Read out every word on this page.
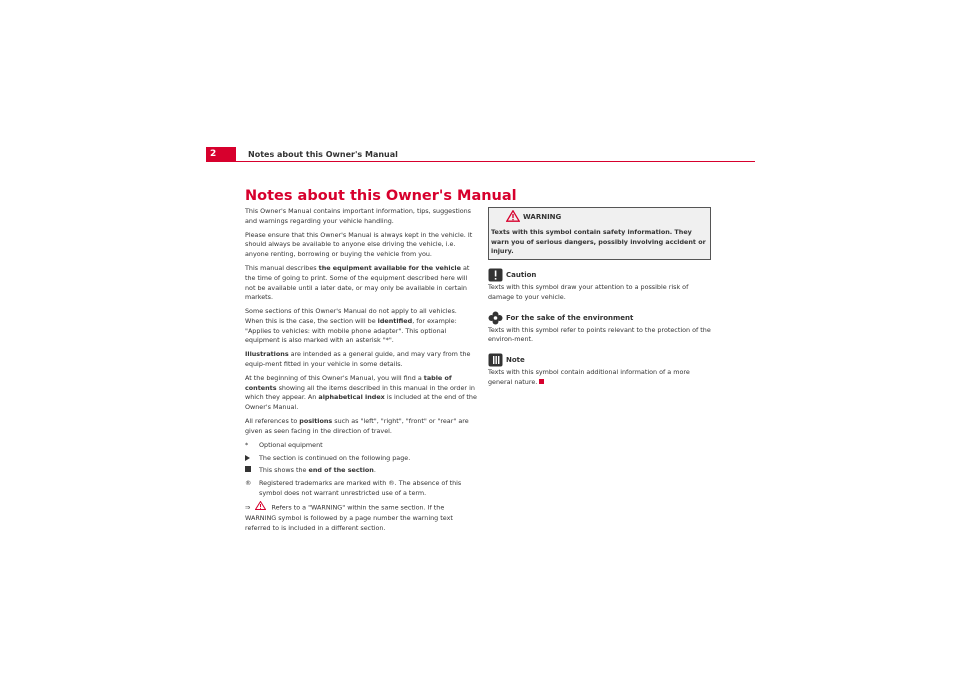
2	Notes about this Owner's Manual
Notes about this Owner's Manual

This Owner's Manual contains important information, tips, suggestions and warnings regarding your vehicle handling.

Please ensure that this Owner's Manual is always kept in the vehicle. It should always be available to anyone else driving the vehicle, i.e. anyone renting, borrowing or buying the vehicle from you.

This manual describes the equipment available for the vehicle at the time of going to print. Some of the equipment described here will not be available until a later date, or may only be available in certain markets.

Some sections of this Owner's Manual do not apply to all vehicles. When this is the case, the section will be identified, for example: "Applies to vehicles: with mobile phone adapter". This optional equipment is also marked with an asterisk "*".

Illustrations are intended as a general guide, and may vary from the equip-ment fitted in your vehicle in some details.

At the beginning of this Owner's Manual, you will find a table of contents showing all the items described in this manual in the order in which they appear. An alphabetical index is included at the end of the Owner's Manual.

All references to positions such as "left", "right", "front" or "rear" are given as seen facing in the direction of travel.

* Optional equipment
The section is continued on the following page.
This shows the end of the section.
® Registered trademarks are marked with ®. The absence of this symbol does not warrant unrestricted use of a term.
⇒	Refers to a "WARNING" within the same section. If the WARNING symbol is followed by a page number the warning text referred to is included in a different section.
WARNING
Texts with this symbol contain safety information. They warn you of serious dangers, possibly involving accident or injury.
Caution
Texts with this symbol draw your attention to a possible risk of damage to your vehicle.
For the sake of the environment
Texts with this symbol refer to points relevant to the protection of the environ-ment.
Note
Texts with this symbol contain additional information of a more general nature.
